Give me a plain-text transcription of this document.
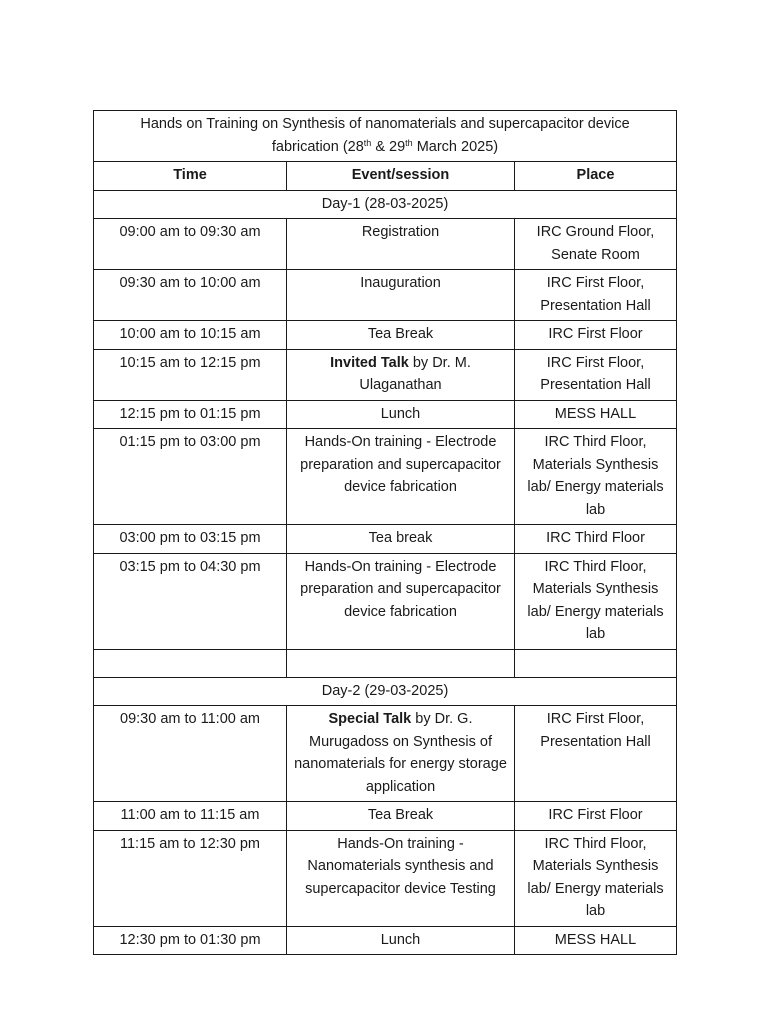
Hands on Training on Synthesis of nanomaterials and supercapacitor device
fabrication (28th & 29th March 2025)		
Time	Event/session	Place
Day-1 (28-03-2025)		
09:00 am to 09:30 am	Registration	IRC Ground Floor, Senate Room
09:30 am to 10:00 am	Inauguration	IRC First Floor, Presentation Hall
10:00 am to 10:15 am	Tea Break	IRC First Floor
10:15 am to 12:15 pm	Invited Talk by Dr. M. Ulaganathan	IRC First Floor, Presentation Hall
12:15 pm to 01:15 pm	Lunch	MESS HALL
01:15 pm to 03:00 pm	Hands-On training - Electrode preparation and supercapacitor device fabrication	IRC Third Floor, Materials Synthesis lab/ Energy materials lab
03:00 pm to 03:15 pm	Tea break	IRC Third Floor
03:15 pm to 04:30 pm	Hands-On training - Electrode preparation and supercapacitor device fabrication	IRC Third Floor, Materials Synthesis lab/ Energy materials lab

Day-2 (29-03-2025)		
09:30 am to 11:00 am	Special Talk by Dr. G. Murugadoss on Synthesis of nanomaterials for energy storage application	IRC First Floor, Presentation Hall
11:00 am to 11:15 am	Tea Break	IRC First Floor
11:15 am to 12:30 pm	Hands-On training - Nanomaterials synthesis and supercapacitor device Testing	IRC Third Floor, Materials Synthesis lab/ Energy materials lab
12:30 pm to 01:30 pm	Lunch	MESS HALL
